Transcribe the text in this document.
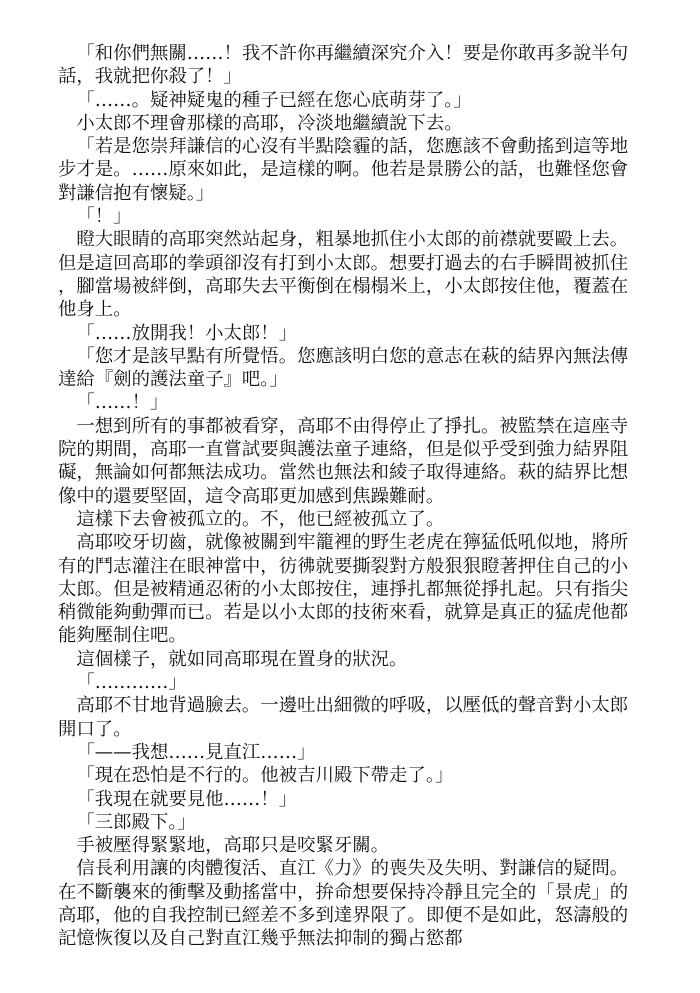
「和你們無關……！我不許你再繼續深究介入！要是你敢再多說半句話，我就把你殺了！」

「……。疑神疑鬼的種子已經在您心底萌芽了。」

小太郎不理會那樣的高耶，冷淡地繼續說下去。

「若是您崇拜謙信的心沒有半點陰霾的話，您應該不會動搖到這等地步才是。……原來如此，是這樣的啊。他若是景勝公的話，也難怪您會對謙信抱有懷疑。」

「！」

瞪大眼睛的高耶突然站起身，粗暴地抓住小太郎的前襟就要毆上去。但是這回高耶的拳頭卻沒有打到小太郎。想要打過去的右手瞬間被抓住，腳當場被絆倒，高耶失去平衡倒在榻榻米上，小太郎按住他，覆蓋在他身上。

「……放開我！小太郎！」

「您才是該早點有所覺悟。您應該明白您的意志在萩的結界內無法傳達給『劍的護法童子』吧。」

「……！」

一想到所有的事都被看穿，高耶不由得停止了掙扎。被監禁在這座寺院的期間，高耶一直嘗試要與護法童子連絡，但是似乎受到強力結界阻礙，無論如何都無法成功。當然也無法和綾子取得連絡。萩的結界比想像中的還要堅固，這令高耶更加感到焦躁難耐。

這樣下去會被孤立的。不，他已經被孤立了。

高耶咬牙切齒，就像被關到牢籠裡的野生老虎在獰猛低吼似地，將所有的鬥志灌注在眼神當中，彷彿就要撕裂對方般狠狠瞪著押住自己的小太郎。但是被精通忍術的小太郎按住，連掙扎都無從掙扎起。只有指尖稍微能夠動彈而已。若是以小太郎的技術來看，就算是真正的猛虎他都能夠壓制住吧。

這個樣子，就如同高耶現在置身的狀況。

「…………」

高耶不甘地背過臉去。一邊吐出細微的呼吸，以壓低的聲音對小太郎開口了。

「——我想……見直江……」

「現在恐怕是不行的。他被吉川殿下帶走了。」

「我現在就要見他……！」

「三郎殿下。」

手被壓得緊緊地，高耶只是咬緊牙關。

信長利用讓的肉體復活、直江《力》的喪失及失明、對謙信的疑問。在不斷襲來的衝擊及動搖當中，拚命想要保持冷靜且完全的「景虎」的高耶，他的自我控制已經差不多到達界限了。即便不是如此，怒濤般的記憶恢復以及自己對直江幾乎無法抑制的獨占慾都
